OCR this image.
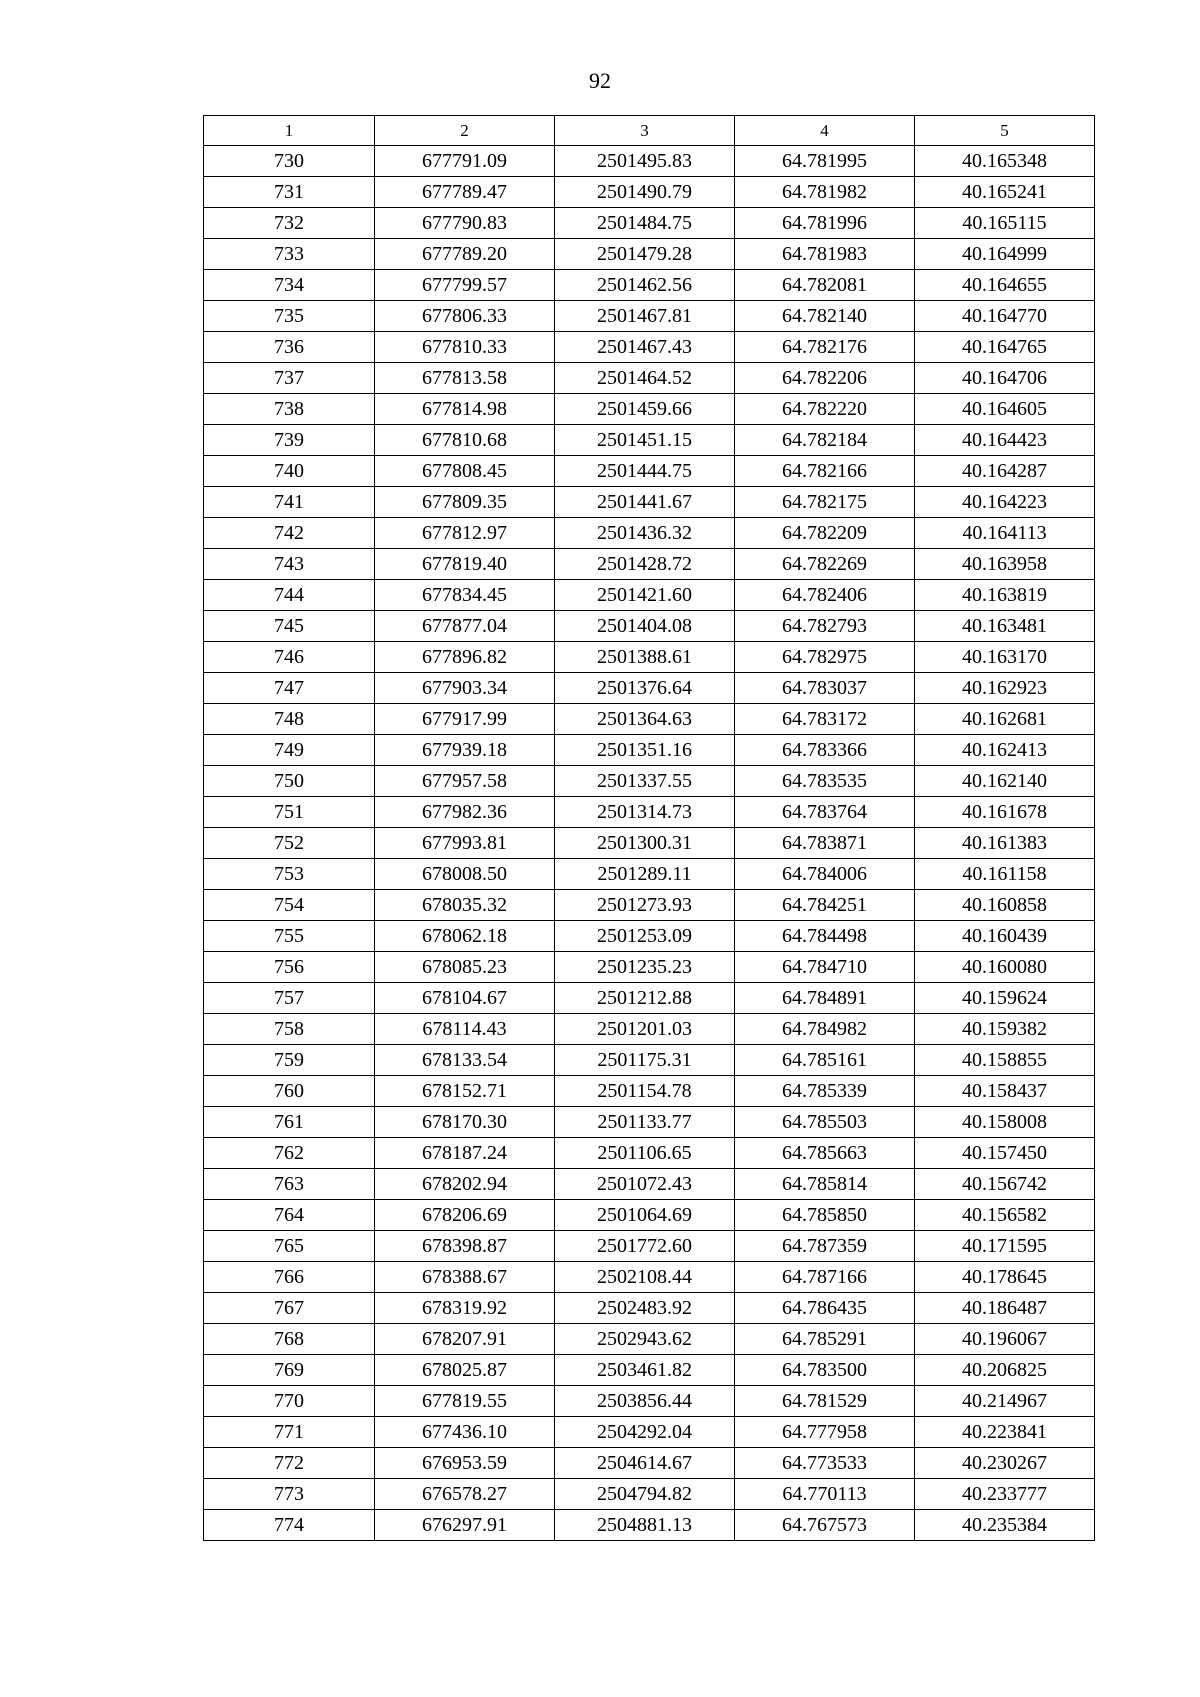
92
1	2	3	4	5
730	677791.09	2501495.83	64.781995	40.165348
731	677789.47	2501490.79	64.781982	40.165241
732	677790.83	2501484.75	64.781996	40.165115
733	677789.20	2501479.28	64.781983	40.164999
734	677799.57	2501462.56	64.782081	40.164655
735	677806.33	2501467.81	64.782140	40.164770
736	677810.33	2501467.43	64.782176	40.164765
737	677813.58	2501464.52	64.782206	40.164706
738	677814.98	2501459.66	64.782220	40.164605
739	677810.68	2501451.15	64.782184	40.164423
740	677808.45	2501444.75	64.782166	40.164287
741	677809.35	2501441.67	64.782175	40.164223
742	677812.97	2501436.32	64.782209	40.164113
743	677819.40	2501428.72	64.782269	40.163958
744	677834.45	2501421.60	64.782406	40.163819
745	677877.04	2501404.08	64.782793	40.163481
746	677896.82	2501388.61	64.782975	40.163170
747	677903.34	2501376.64	64.783037	40.162923
748	677917.99	2501364.63	64.783172	40.162681
749	677939.18	2501351.16	64.783366	40.162413
750	677957.58	2501337.55	64.783535	40.162140
751	677982.36	2501314.73	64.783764	40.161678
752	677993.81	2501300.31	64.783871	40.161383
753	678008.50	2501289.11	64.784006	40.161158
754	678035.32	2501273.93	64.784251	40.160858
755	678062.18	2501253.09	64.784498	40.160439
756	678085.23	2501235.23	64.784710	40.160080
757	678104.67	2501212.88	64.784891	40.159624
758	678114.43	2501201.03	64.784982	40.159382
759	678133.54	2501175.31	64.785161	40.158855
760	678152.71	2501154.78	64.785339	40.158437
761	678170.30	2501133.77	64.785503	40.158008
762	678187.24	2501106.65	64.785663	40.157450
763	678202.94	2501072.43	64.785814	40.156742
764	678206.69	2501064.69	64.785850	40.156582
765	678398.87	2501772.60	64.787359	40.171595
766	678388.67	2502108.44	64.787166	40.178645
767	678319.92	2502483.92	64.786435	40.186487
768	678207.91	2502943.62	64.785291	40.196067
769	678025.87	2503461.82	64.783500	40.206825
770	677819.55	2503856.44	64.781529	40.214967
771	677436.10	2504292.04	64.777958	40.223841
772	676953.59	2504614.67	64.773533	40.230267
773	676578.27	2504794.82	64.770113	40.233777
774	676297.91	2504881.13	64.767573	40.235384
